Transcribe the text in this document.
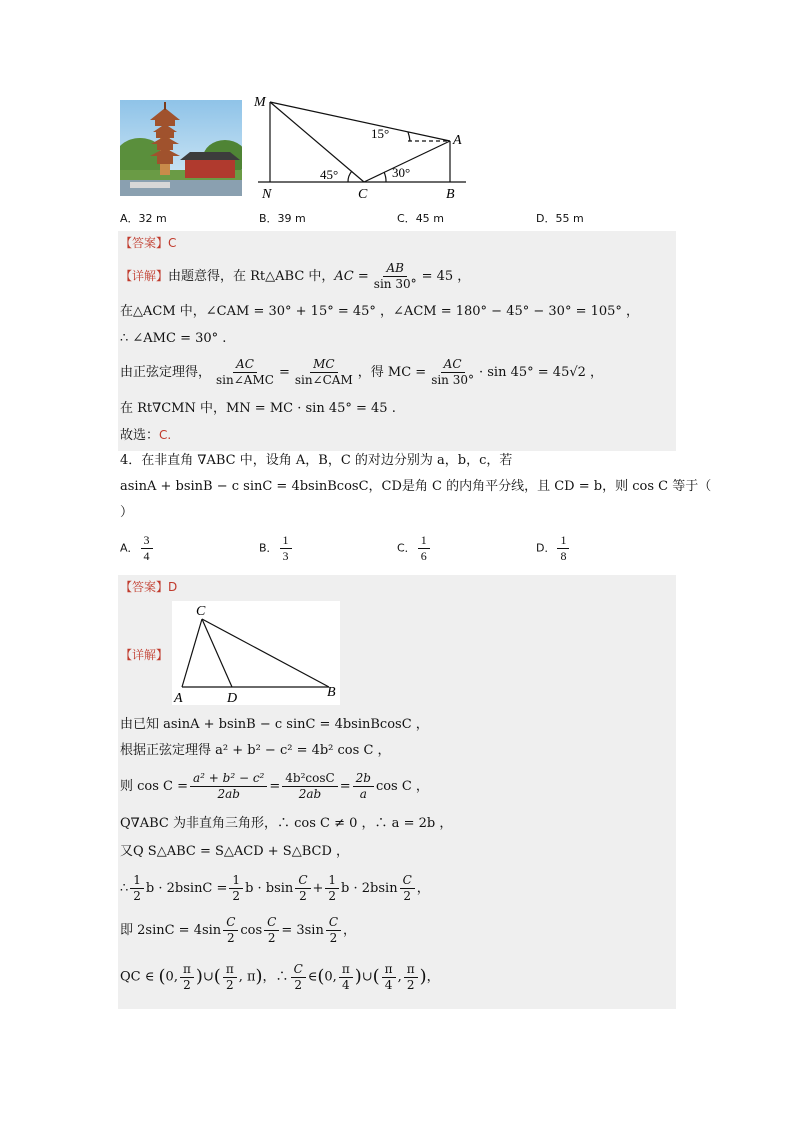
M
A
N	C	B
15°
45°	30°
A．32 m	B．39 m	C．45 m	D．55 m
【答案】C
【详解】由题意得，在 Rt△ABC 中，AC = $\frac{AB}{\sin 30^\circ} = 45$ ，
在△ACM 中，∠CAM = 30° + 15° = 45° ，∠ACM = 180° − 45° − 30° = 105° ，
∴ ∠AMC = 30° .
由正弦定理得， $\frac{AC}{\text{sin∠AMC}} = \frac{MC}{\text{sin∠CAM}}$ ，得 MC = $\frac{AC}{\sin 30^\circ} \cdot \sin 45^\circ = 45√2$ ，
在 Rt∇CMN 中，MN = MC · sin 45° = 45 .
故选：C.
4．在非直角 ∇ABC 中，设角 A，B，C 的对边分别为 a，b，c，若
asinA + bsinB − c sinC = 4bsinBcosC，CD是角 C 的内角平分线，且 CD = b，则 cos C 等于（
）
A． $\frac{3}{4}$	B． $\frac{1}{3}$	C． $\frac{1}{6}$	D． $\frac{1}{8}$
【答案】D
【详解】
C
A	D	B
由已知 asinA + bsinB − c sinC = 4bsinBcosC ，
根据正弦定理得 a² + b² − c² = 4b² cos C ，
则 $\cos C = \frac{\text{a² + b² − c²}}{2ab} = \frac{\text{4b²cosC}}{2ab} = \frac{2b}{a}$ cos C ，
Q∇ABC 为非直角三角形，∴ cos C ≠ 0 ，∴ a = 2b ，
又Q S△ABC = S△ACD + S△BCD ，
∴ $\frac{1}{2}$ $b \cdot 2bsinC = \frac{1}{2}$ b · bsin $\frac{C}{2} + \frac{1}{2}$ $b \cdot 2bsin \frac{C}{2}$ ，
即 $2\sin C = 4\sin \frac{C}{2}$ $\cos \frac{C}{2} = 3\sin \frac{C}{2}$ ，
QC ∈ (0, $\frac{\pi}{2}$ )∪( $\frac{\pi}{2}$ , π)，∴ $\frac{C}{2}$ ∈(0, $\frac{\pi}{4}$ )∪( $\frac{\pi}{4}$ , $\frac{\pi}{2}$ )，
